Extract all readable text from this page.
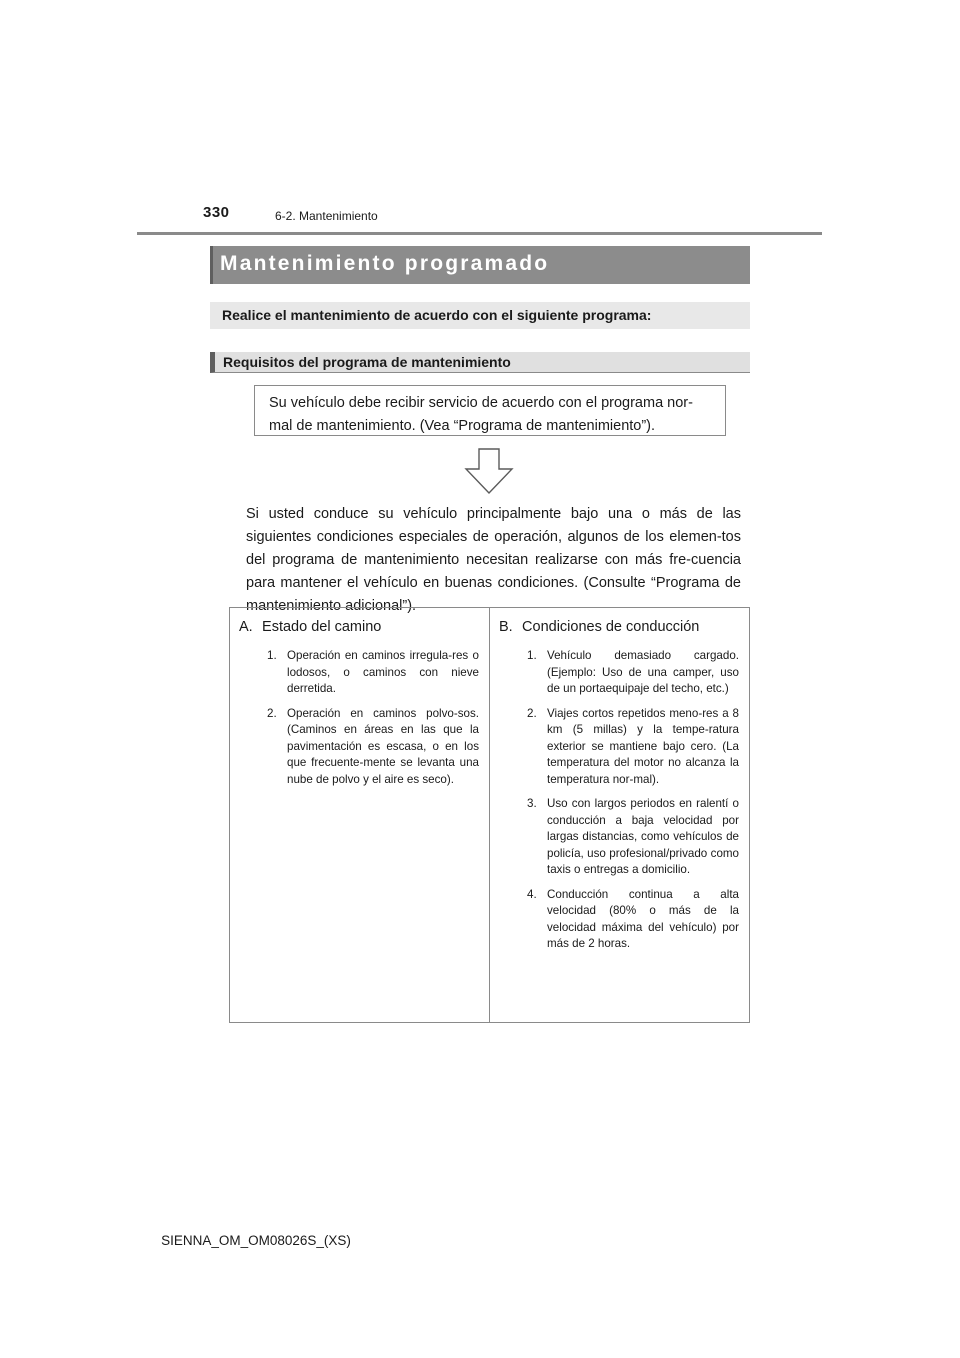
330	6-2. Mantenimiento
Mantenimiento programado
Realice el mantenimiento de acuerdo con el siguiente programa:
Requisitos del programa de mantenimiento

Su vehículo debe recibir servicio de acuerdo con el programa nor-mal de mantenimiento. (Vea “Programa de mantenimiento”).

Si usted conduce su vehículo principalmente bajo una o más de las siguientes condiciones especiales de operación, algunos de los elemen-tos del programa de mantenimiento necesitan realizarse con más fre-cuencia para mantener el vehículo en buenas condiciones. (Consulte “Programa de mantenimiento adicional”).

A. Estado del camino
1. Operación en caminos irregula-res o lodosos, o caminos con nieve derretida.
2. Operación en caminos polvo-sos. (Caminos en áreas en las que la pavimentación es escasa, o en los que frecuente-mente se levanta una nube de polvo y el aire es seco).
B. Condiciones de conducción
1. Vehículo demasiado cargado. (Ejemplo: Uso de una camper, uso de un portaequipaje del techo, etc.)
2. Viajes cortos repetidos meno-res a 8 km (5 millas) y la tempe-ratura exterior se mantiene bajo cero. (La temperatura del motor no alcanza la temperatura nor-mal).
3. Uso con largos periodos en ralentí o conducción a baja velocidad por largas distancias, como vehículos de policía, uso profesional/privado como taxis o entregas a domicilio.
4. Conducción continua a alta velocidad (80% o más de la velocidad máxima del vehículo) por más de 2 horas.
SIENNA_OM_OM08026S_(XS)
